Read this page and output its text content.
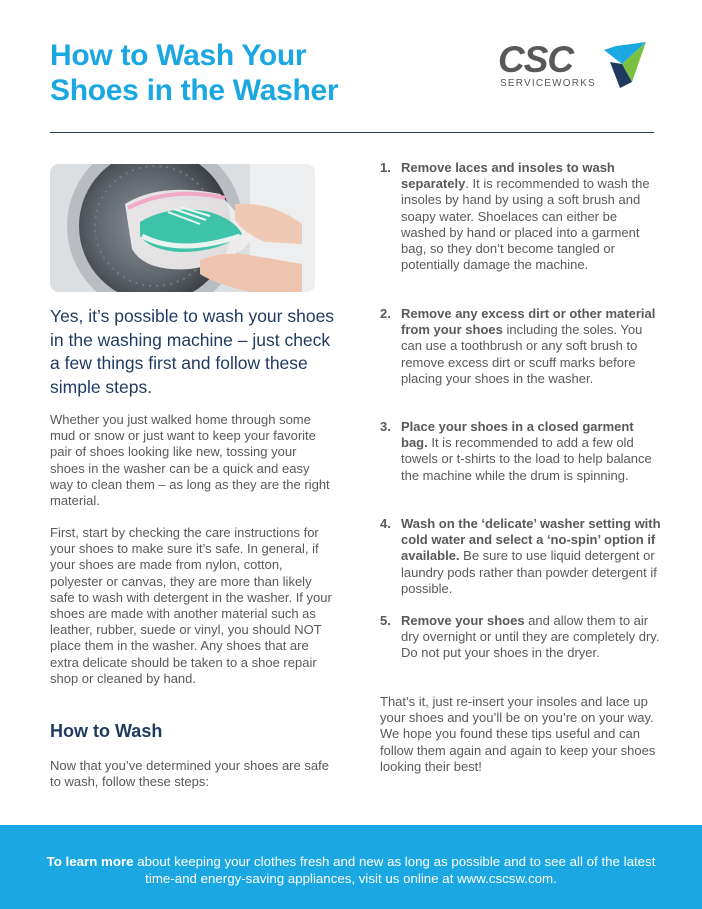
How to Wash Your Shoes in the Washer
CSC
SERVICEWORKS

Yes, it’s possible to wash your shoes in the washing machine – just check a few things first and follow these simple steps.

Whether you just walked home through some mud or snow or just want to keep your favorite pair of shoes looking like new, tossing your shoes in the washer can be a quick and easy way to clean them – as long as they are the right material.

First, start by checking the care instructions for your shoes to make sure it’s safe. In general, if your shoes are made from nylon, cotton, polyester or canvas, they are more than likely safe to wash with detergent in the washer. If your shoes are made with another material such as leather, rubber, suede or vinyl, you should NOT place them in the washer. Any shoes that are extra delicate should be taken to a shoe repair shop or cleaned by hand.

How to Wash

Now that you’ve determined your shoes are safe to wash, follow these steps:

1. Remove laces and insoles to wash separately. It is recommended to wash the insoles by hand by using a soft brush and soapy water. Shoelaces can either be washed by hand or placed into a garment bag, so they don’t become tangled or potentially damage the machine.
2. Remove any excess dirt or other material from your shoes including the soles. You can use a toothbrush or any soft brush to remove excess dirt or scuff marks before placing your shoes in the washer.
3. Place your shoes in a closed garment bag. It is recommended to add a few old towels or t-shirts to the load to help balance the machine while the drum is spinning.
4. Wash on the ‘delicate’ washer setting with cold water and select a ‘no-spin’ option if available. Be sure to use liquid detergent or laundry pods rather than powder detergent if possible.
5. Remove your shoes and allow them to air dry overnight or until they are completely dry. Do not put your shoes in the dryer.

That’s it, just re-insert your insoles and lace up your shoes and you’ll be on you’re on your way. We hope you found these tips useful and can follow them again and again to keep your shoes looking their best!

To learn more about keeping your clothes fresh and new as long as possible and to see all of the latest time-and energy-saving appliances, visit us online at www.cscsw.com.
